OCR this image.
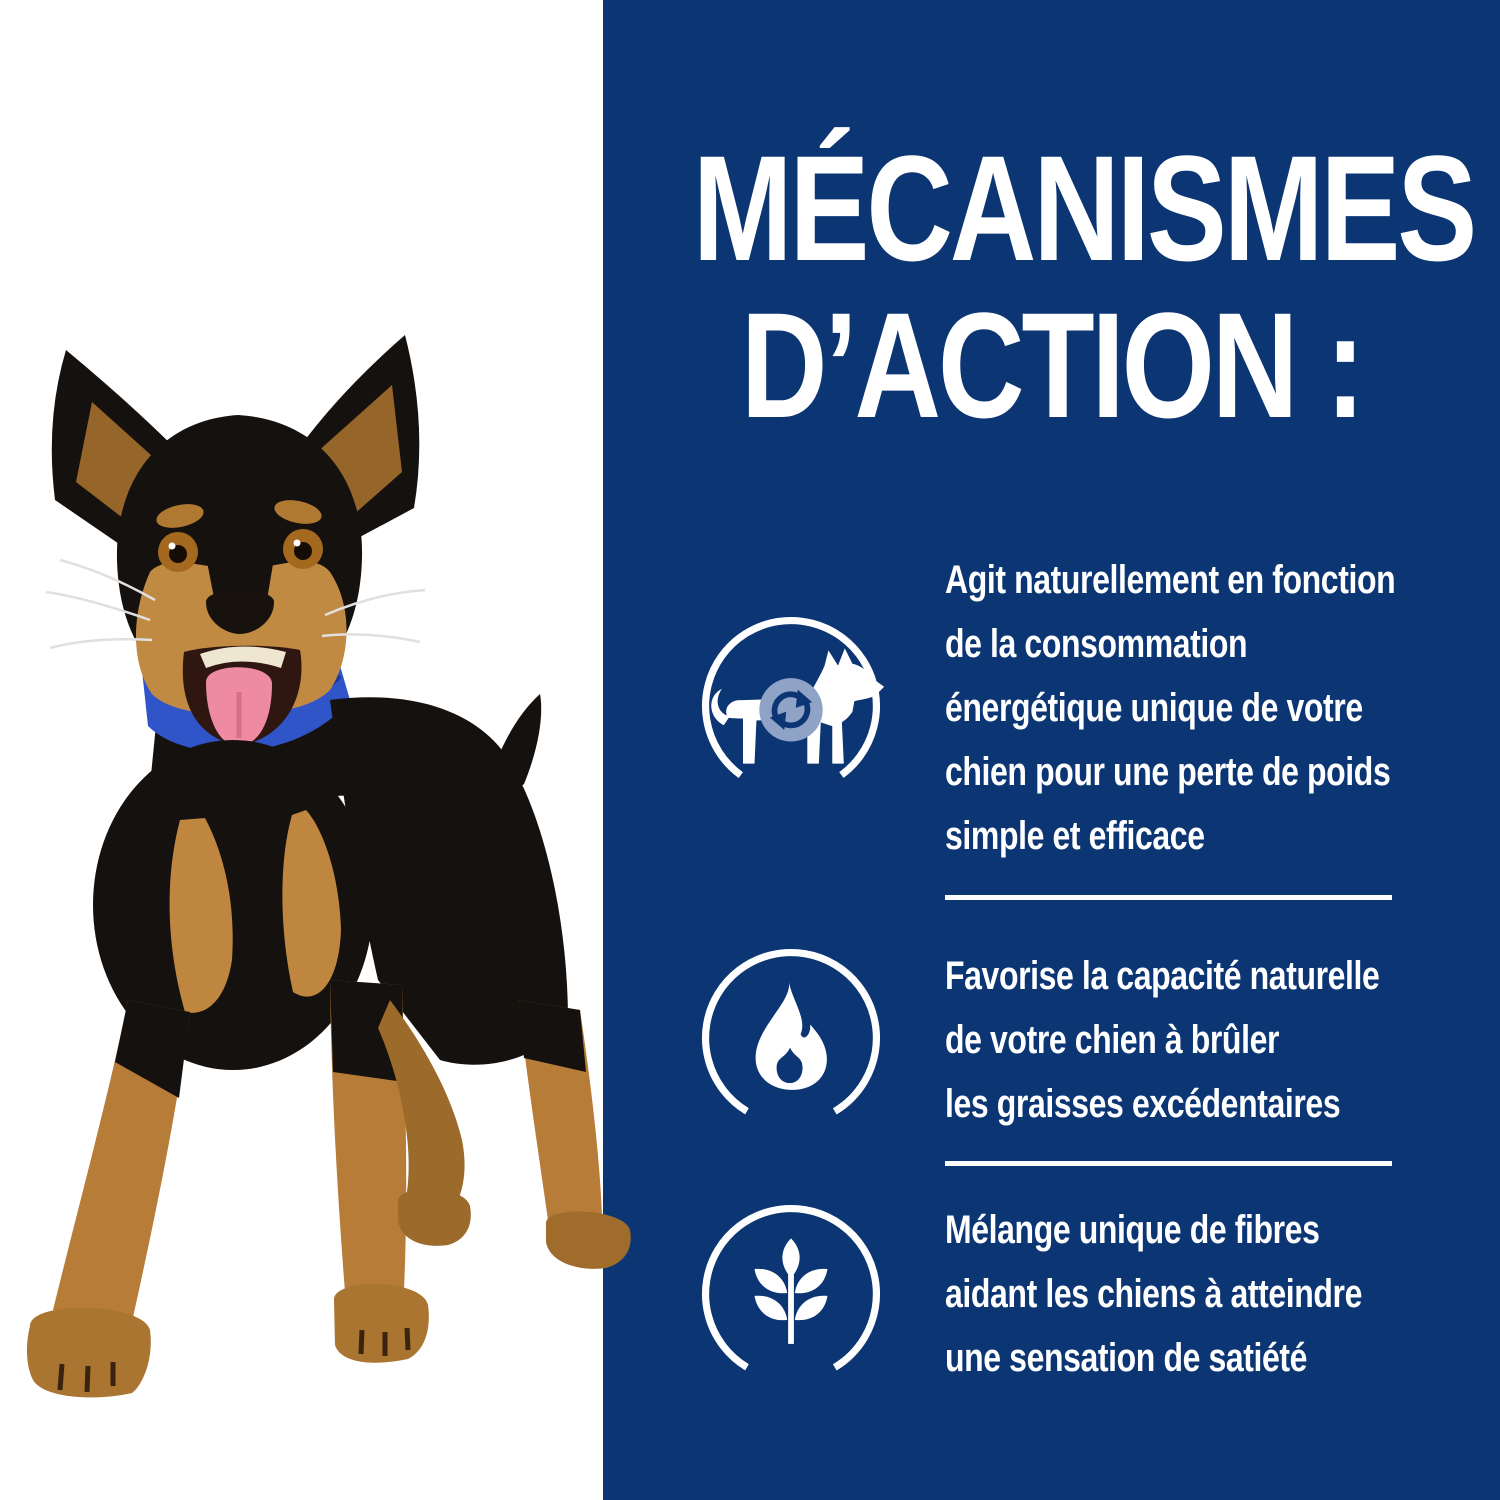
MÉCANISMES
D’ACTION :
Agit naturellement en fonction
de la consommation
énergétique unique de votre
chien pour une perte de poids
simple et efficace
Favorise la capacité naturelle
de votre chien à brûler
les graisses excédentaires
Mélange unique de fibres
aidant les chiens à atteindre
une sensation de satiété
